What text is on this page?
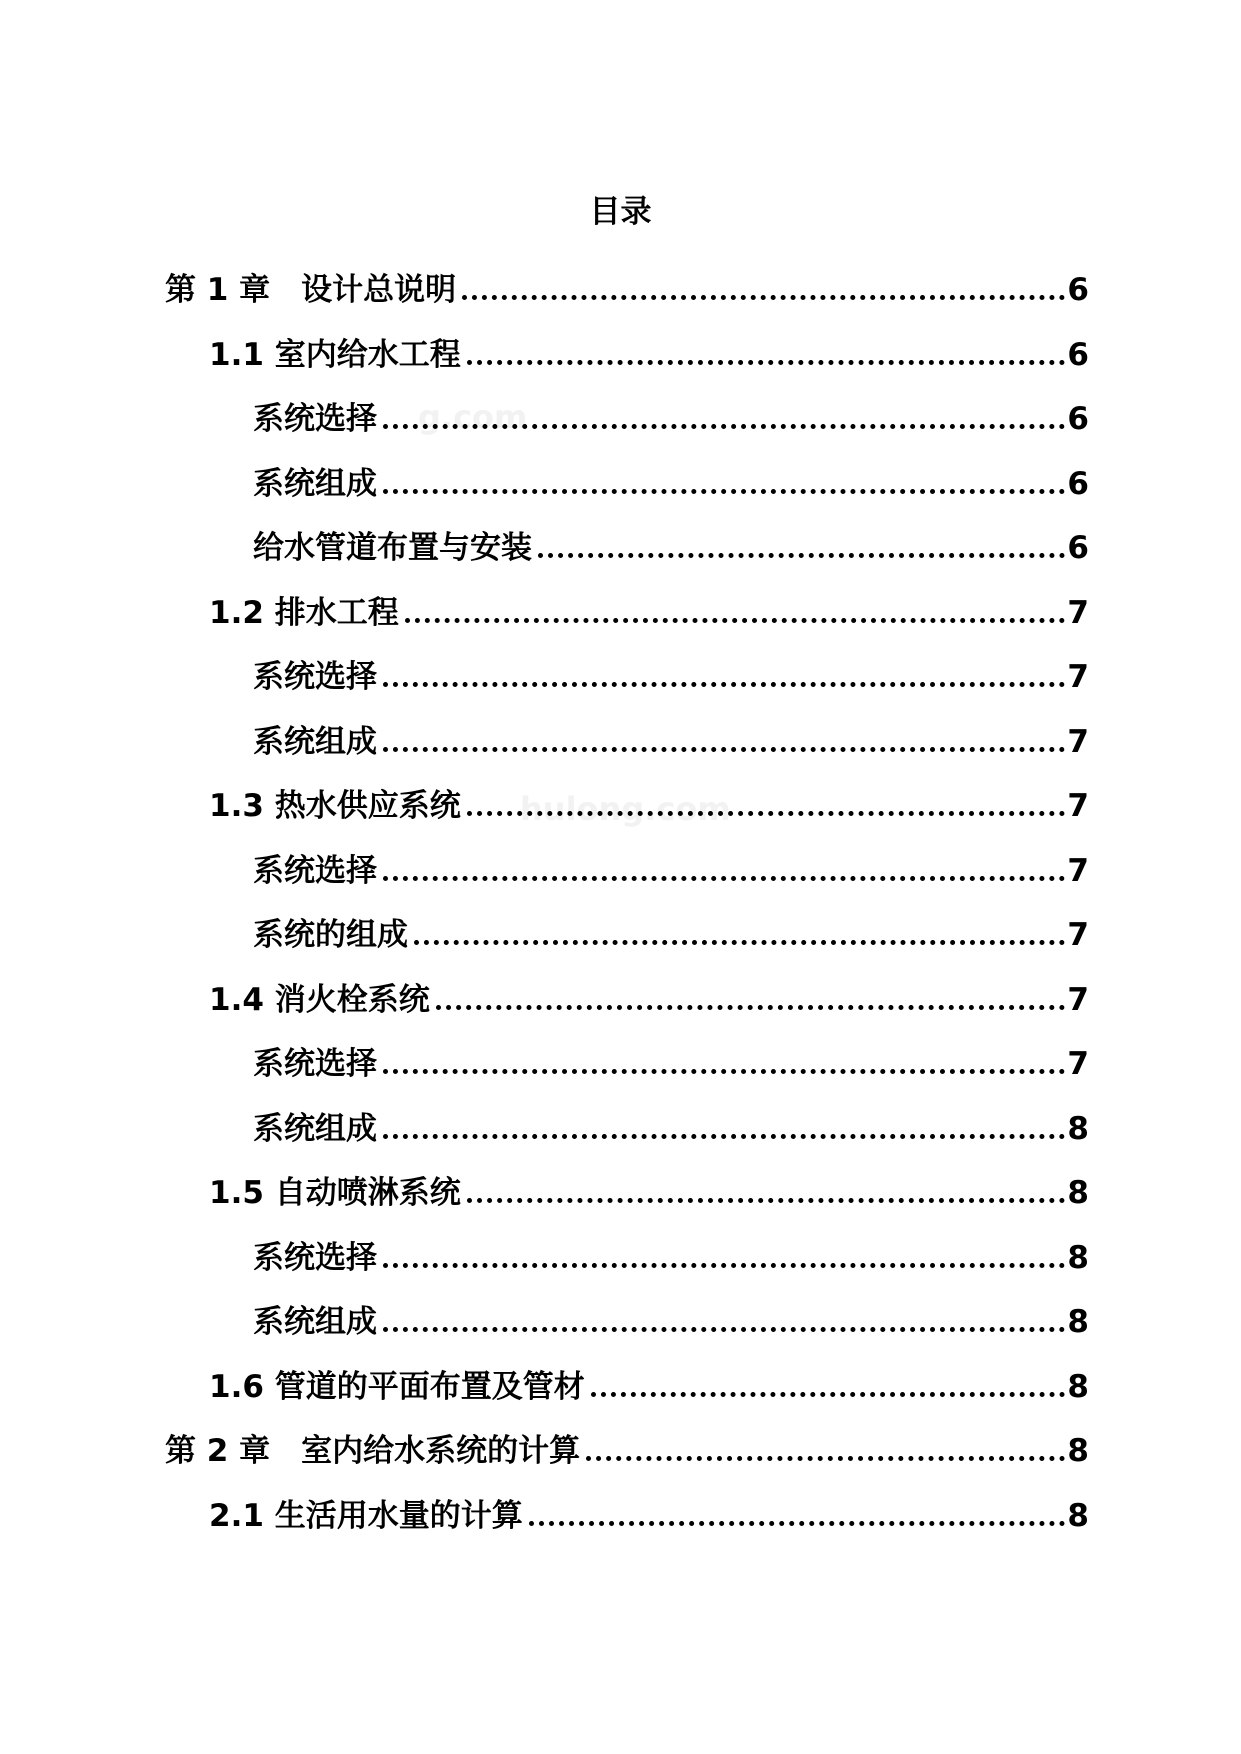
g.com
hulong.com
目录
第 1 章　设计总说明	6
1.1 室内给水工程	6
系统选择	6
系统组成	6
给水管道布置与安装	6
1.2 排水工程	7
系统选择	7
系统组成	7
1.3 热水供应系统	7
系统选择	7
系统的组成	7
1.4 消火栓系统	7
系统选择	7
系统组成	8
1.5 自动喷淋系统	8
系统选择	8
系统组成	8
1.6 管道的平面布置及管材	8
第 2 章　室内给水系统的计算	8
2.1 生活用水量的计算	8
